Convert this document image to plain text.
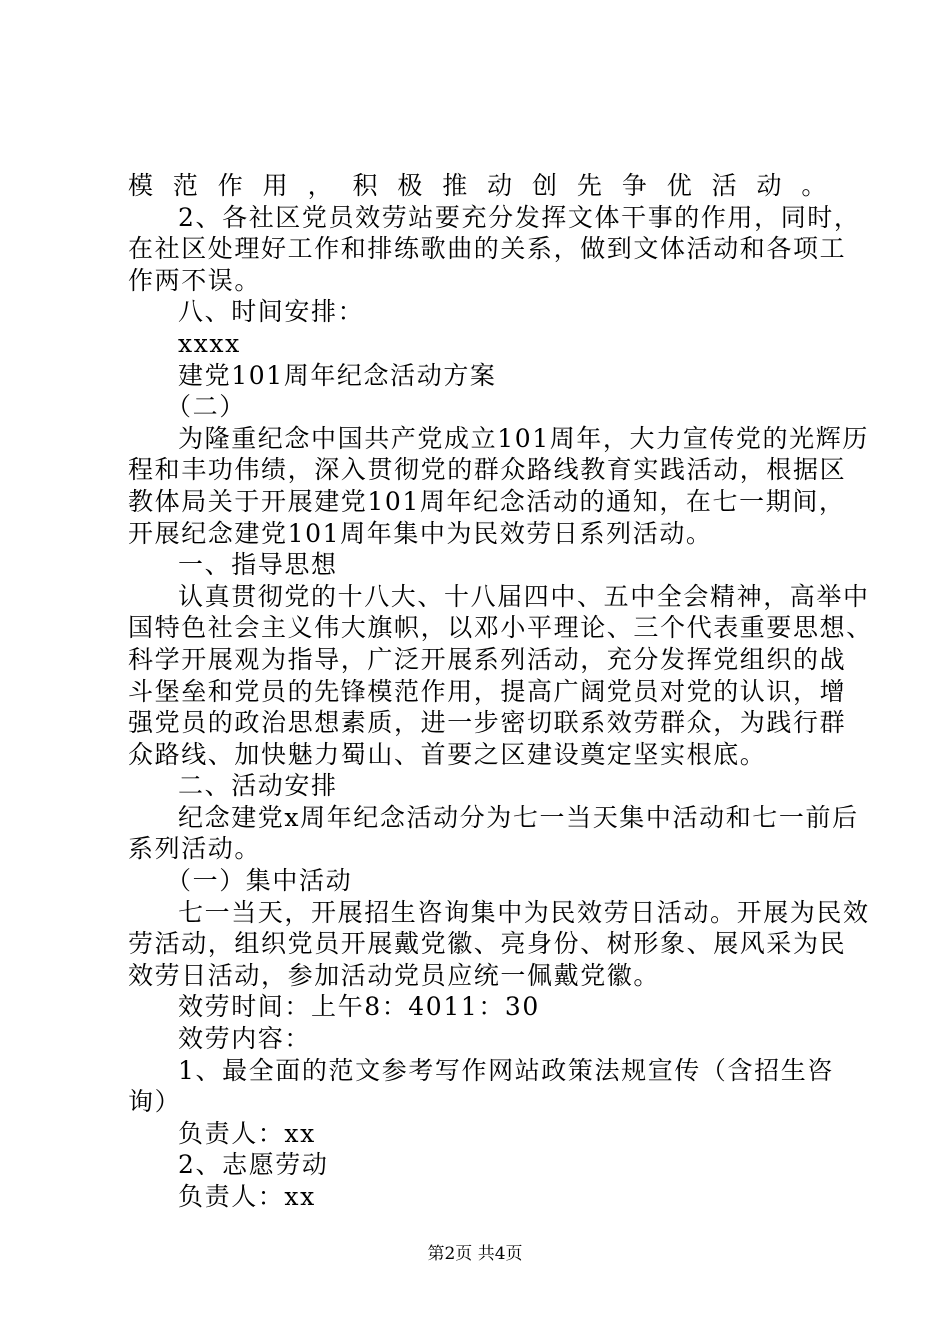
模范作用，积极推动创先争优活动。
2、各社区党员效劳站要充分发挥文体干事的作用，同时，
在社区处理好工作和排练歌曲的关系，做到文体活动和各项工
作两不误。
八、时间安排：
xxxx
建党101周年纪念活动方案
（二）
为隆重纪念中国共产党成立101周年，大力宣传党的光辉历
程和丰功伟绩，深入贯彻党的群众路线教育实践活动，根据区
教体局关于开展建党101周年纪念活动的通知，在七一期间，
开展纪念建党101周年集中为民效劳日系列活动。
一、指导思想
认真贯彻党的十八大、十八届四中、五中全会精神，高举中
国特色社会主义伟大旗帜，以邓小平理论、三个代表重要思想、
科学开展观为指导，广泛开展系列活动，充分发挥党组织的战
斗堡垒和党员的先锋模范作用，提高广阔党员对党的认识，增
强党员的政治思想素质，进一步密切联系效劳群众，为践行群
众路线、加快魅力蜀山、首要之区建设奠定坚实根底。
二、活动安排
纪念建党x周年纪念活动分为七一当天集中活动和七一前后
系列活动。
（一）集中活动
七一当天，开展招生咨询集中为民效劳日活动。开展为民效
劳活动，组织党员开展戴党徽、亮身份、树形象、展风采为民
效劳日活动，参加活动党员应统一佩戴党徽。
效劳时间：上午8：4011：30
效劳内容：
1、最全面的范文参考写作网站政策法规宣传（含招生咨
询）
负责人：xx
2、志愿劳动
负责人：xx
第2页 共4页
